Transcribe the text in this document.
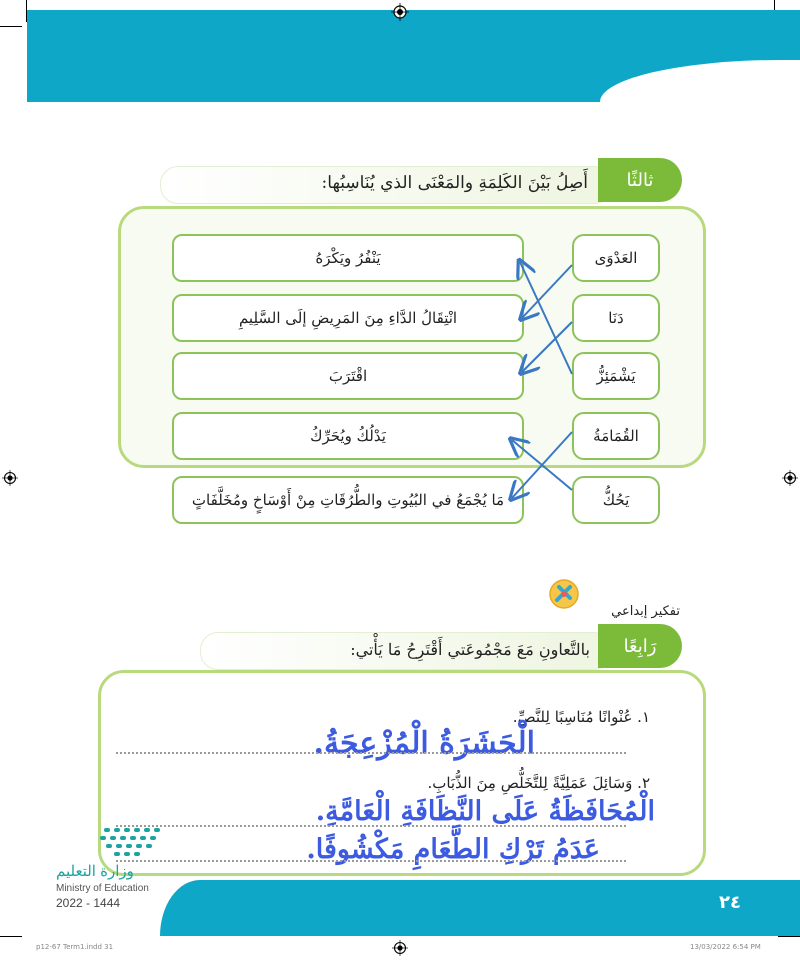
ثالثًا
أَصِلُ بَيْنَ الكَلِمَةِ والمَعْنَى الذي يُنَاسِبُها:
يَنْفُرُ ويَكْرَهُ
انْتِقَالُ الدَّاءِ مِنَ المَرِيضِ إلَى السَّلِيمِ
اقْتَرَبَ
يَدْلُكُ ويُحَرِّكُ
مَا يُجْمَعُ في البُيُوتِ والطُّرُقَاتِ مِنْ أَوْسَاخٍ ومُخَلَّفَاتٍ
العَدْوَى
دَنَا
يَشْمَئِزُّ
القُمَامَةُ
يَحُكُّ
تفكير إبداعي
رَابِعًا
بالتَّعاونِ مَعَ مَجْمُوعَتي أَقْتَرِحُ مَا يَأْتي:
١. عُنْوانًا مُنَاسِبًا لِلنَّصِّ.
الْحَشَرَةُ الْمُزْعِجَةُ.
٢. وَسَائِلَ عَمَلِيَّةً لِلتَّخَلُّصِ مِنَ الذُّبَابِ.
الْمُحَافَظَةُ عَلَى النَّظَافَةِ الْعَامَّةِ.
عَدَمُ تَرْكِ الطَّعَامِ مَكْشُوفًا.
وزارة التعليم
Ministry of Education
2022 - 1444	٢٤
p12-67 Term1.indd 31	13/03/2022 6:54 PM
